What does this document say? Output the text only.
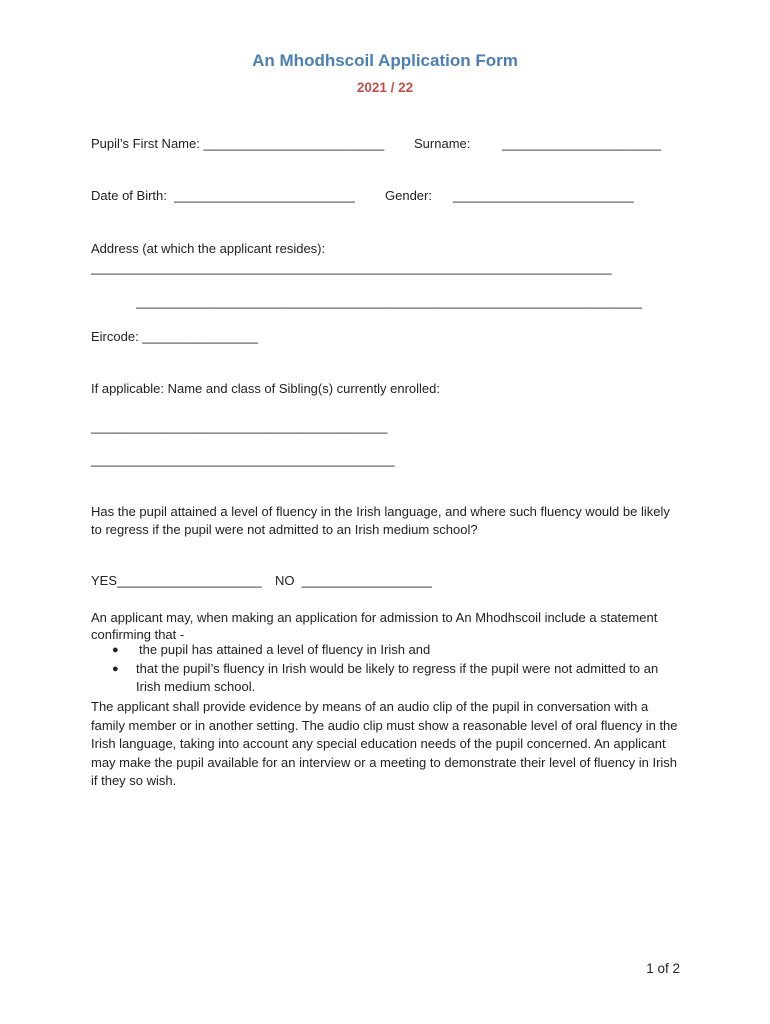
An Mhodhscoil Application Form
2021 / 22
Pupil’s First Name: _________________________ Surname: ______________________
Date of Birth:  _________________________ Gender: _________________________
Address (at which the applicant resides):
________________________________________________________________________
______________________________________________________________________
Eircode: ________________
If applicable: Name and class of Sibling(s) currently enrolled:
_________________________________________
__________________________________________
Has the pupil attained a level of fluency in the Irish language, and where such fluency would be likely to regress if the pupil were not admitted to an Irish medium school?
YES____________________ NO  __________________
An applicant may, when making an application for admission to An Mhodhscoil include a statement confirming that -
● the pupil has attained a level of fluency in Irish and
● that the pupil’s fluency in Irish would be likely to regress if the pupil were not admitted to an Irish medium school.
The applicant shall provide evidence by means of an audio clip of the pupil in conversation with a family member or in another setting. The audio clip must show a reasonable level of oral fluency in the Irish language, taking into account any special education needs of the pupil concerned. An applicant may make the pupil available for an interview or a meeting to demonstrate their level of fluency in Irish if they so wish.
1 of 2
